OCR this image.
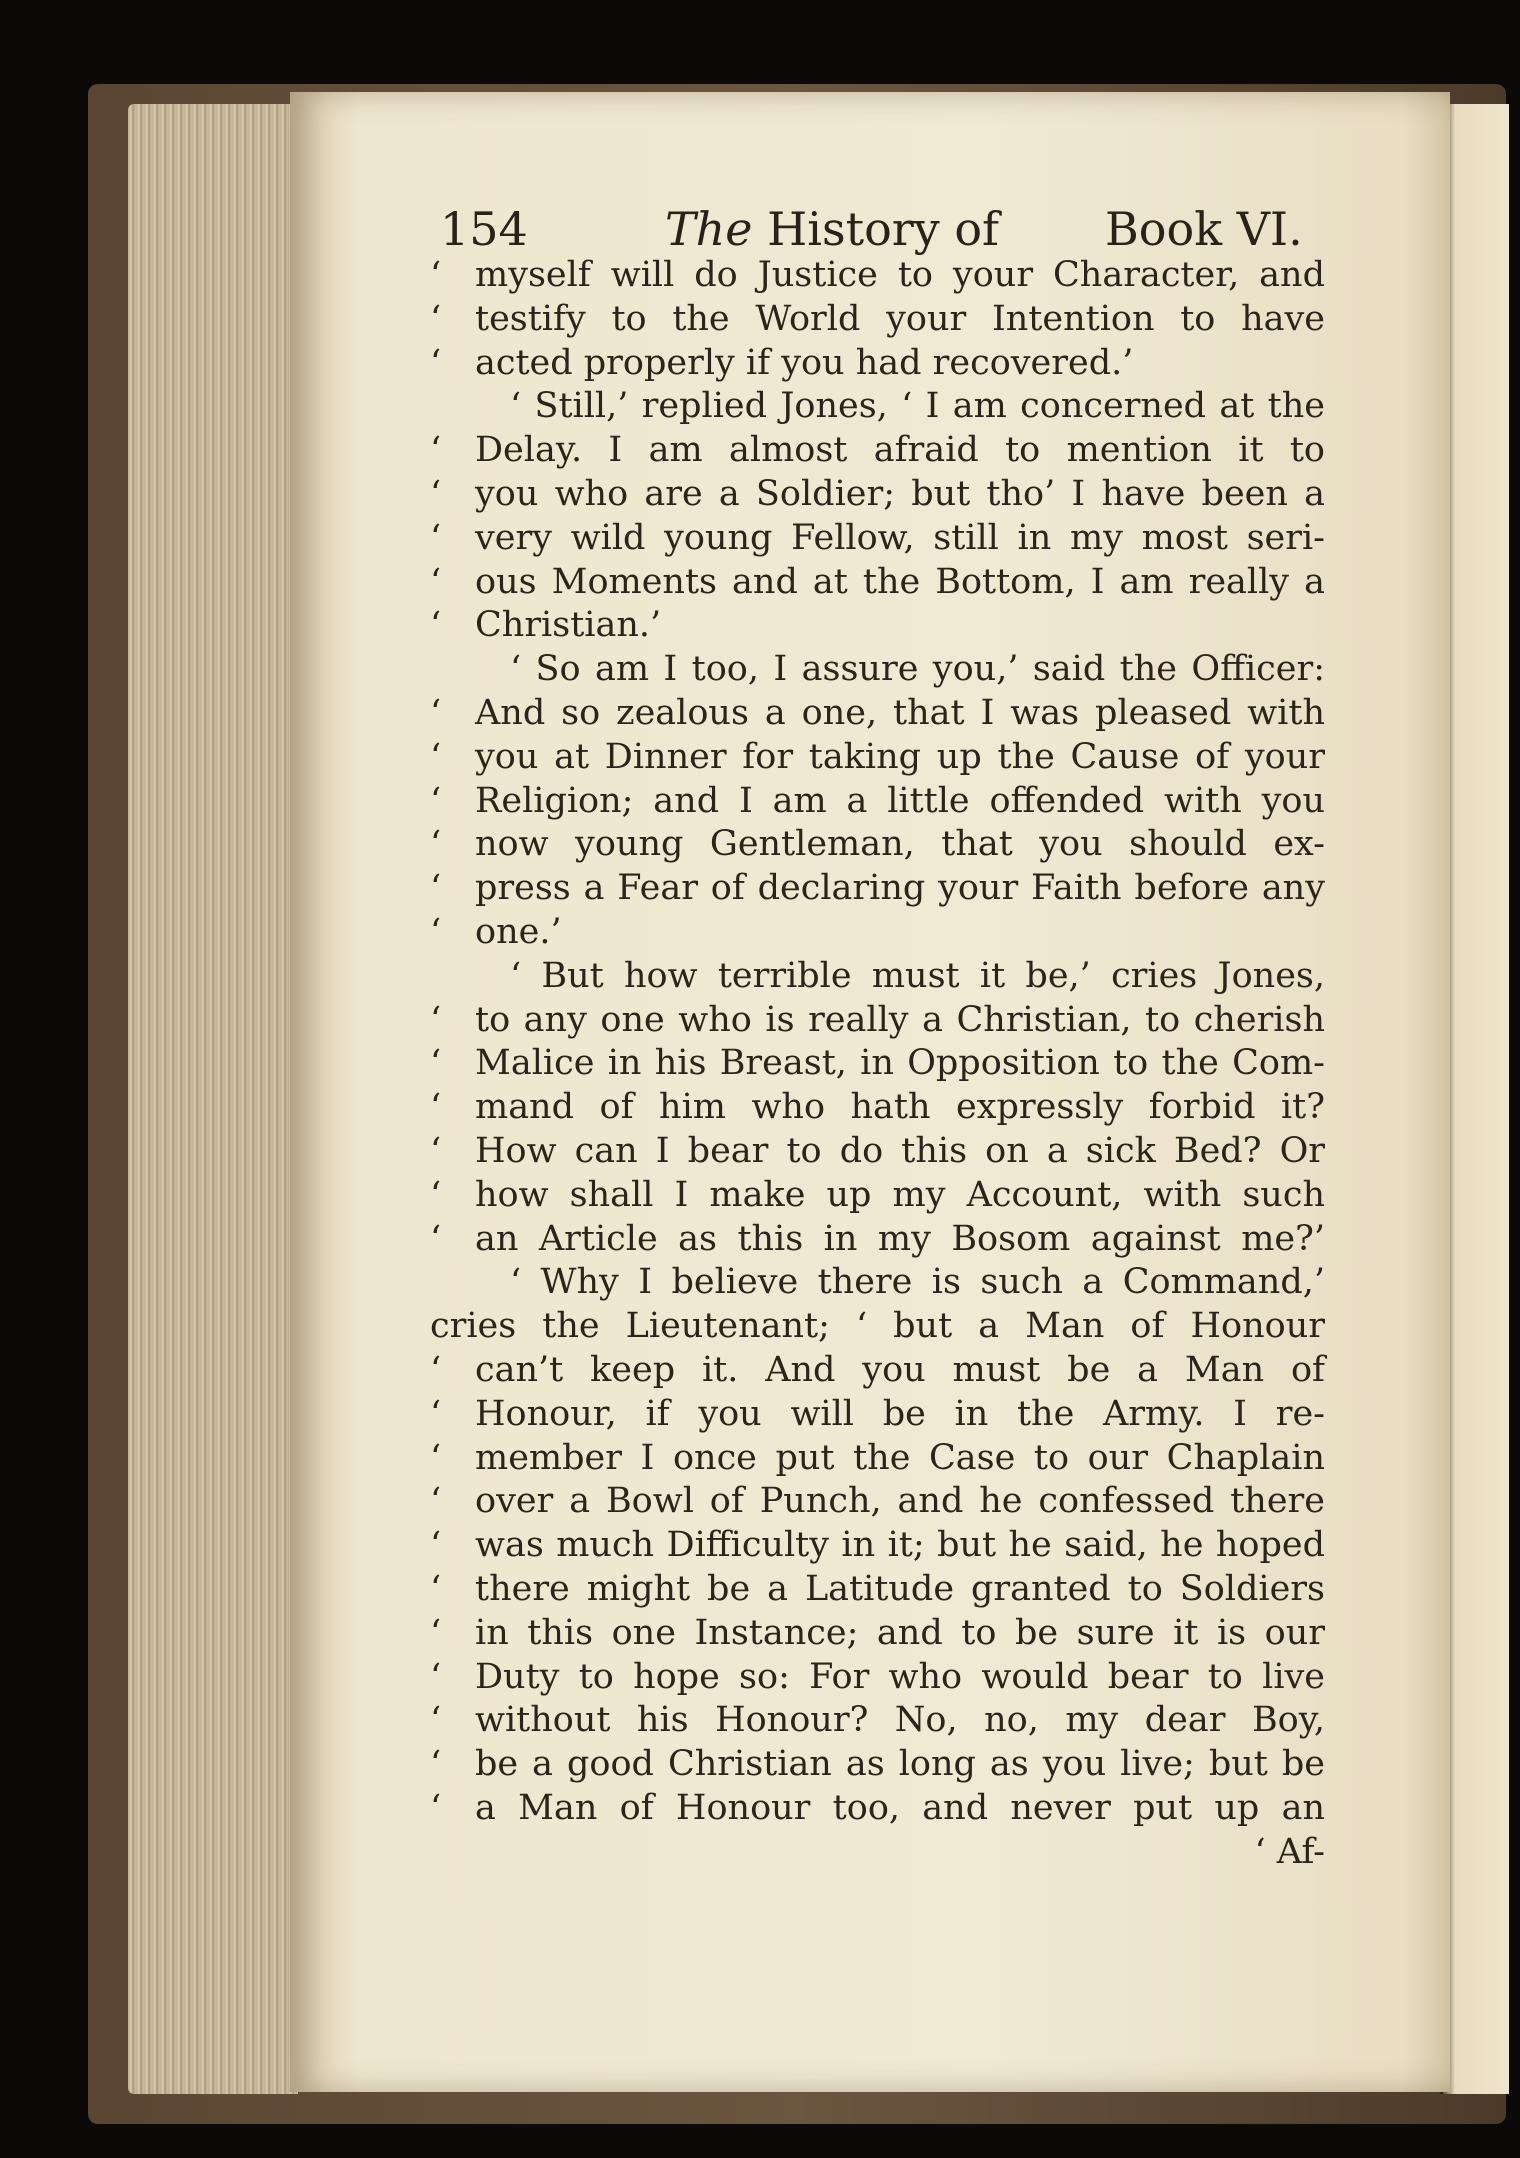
154	The History of Book VI.
‘ myself will do Justice to your Character, and
‘ testify to the World your Intention to have
‘ acted properly if you had recovered.’
‘ Still,’ replied Jones, ‘ I am concerned at the
‘ Delay. I am almost afraid to mention it to
‘ you who are a Soldier; but tho’ I have been a
‘ very wild young Fellow, still in my most seri-
‘ ous Moments and at the Bottom, I am really a
‘ Christian.’
‘ So am I too, I assure you,’ said the Officer:
‘ And so zealous a one, that I was pleased with
‘ you at Dinner for taking up the Cause of your
‘ Religion; and I am a little offended with you
‘ now young Gentleman, that you should ex-
‘ press a Fear of declaring your Faith before any
‘ one.’
‘ But how terrible must it be,’ cries Jones,
‘ to any one who is really a Christian, to cherish
‘ Malice in his Breast, in Opposition to the Com-
‘ mand of him who hath expressly forbid it?
‘ How can I bear to do this on a sick Bed? Or
‘ how shall I make up my Account, with such
‘ an Article as this in my Bosom against me?’
‘ Why I believe there is such a Command,’
cries the Lieutenant; ‘ but a Man of Honour
‘ can’t keep it. And you must be a Man of
‘ Honour, if you will be in the Army. I re-
‘ member I once put the Case to our Chaplain
‘ over a Bowl of Punch, and he confessed there
‘ was much Difficulty in it; but he said, he hoped
‘ there might be a Latitude granted to Soldiers
‘ in this one Instance; and to be sure it is our
‘ Duty to hope so: For who would bear to live
‘ without his Honour? No, no, my dear Boy,
‘ be a good Christian as long as you live; but be
‘ a Man of Honour too, and never put up an
‘ Af-
